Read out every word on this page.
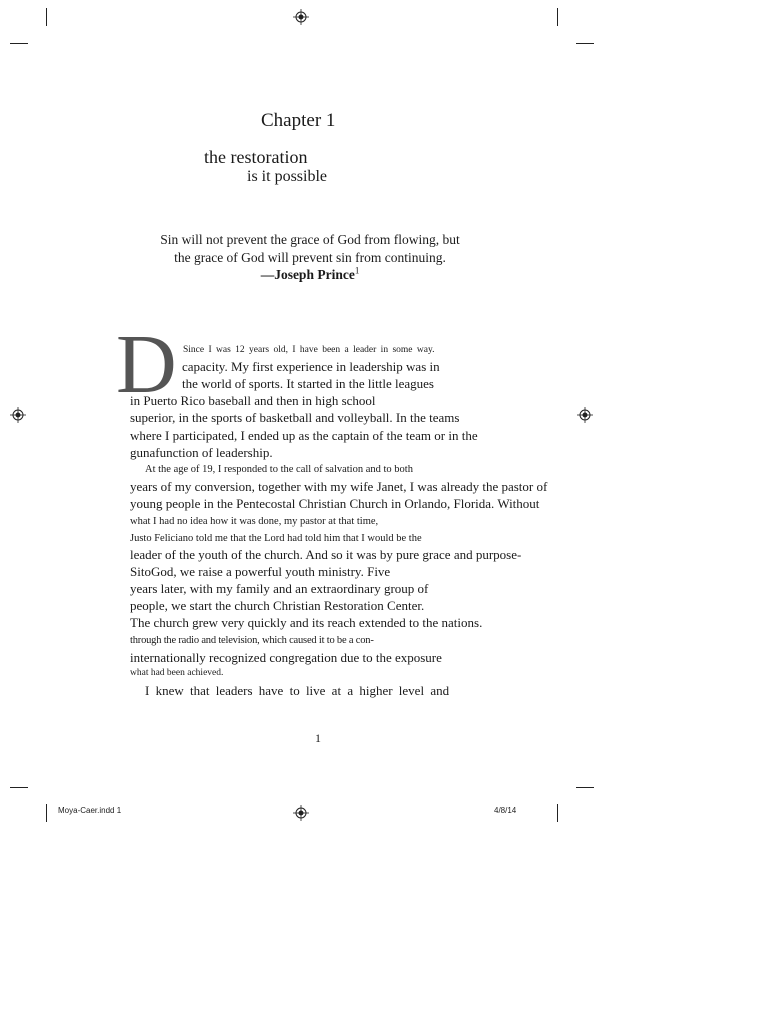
Chapter 1
the restoration
is it possible
Sin will not prevent the grace of God from flowing, but
the grace of God will prevent sin from continuing.
—Joseph Prince$^1$
D Since I was 12 years old, I have been a leader in some way.
capacity. My first experience in leadership was in
the world of sports. It started in the little leagues
in Puerto Rico baseball and then in high school
superior, in the sports of basketball and volleyball. In the teams
where I participated, I ended up as the captain of the team or in the
gunafunction of leadership.
At the age of 19, I responded to the call of salvation and to both
years of my conversion, together with my wife Janet, I was already the pastor of
young people in the Pentecostal Christian Church in Orlando, Florida. Without
what I had no idea how it was done, my pastor at that time,
Justo Feliciano told me that the Lord had told him that I would be the
leader of the youth of the church. And so it was by pure grace and purpose-
SitoGod, we raise a powerful youth ministry. Five
years later, with my family and an extraordinary group of
people, we start the church Christian Restoration Center.
The church grew very quickly and its reach extended to the nations.
through the radio and television, which caused it to be a con-
internationally recognized congregation due to the exposure
what had been achieved.
I knew that leaders have to live at a higher level and
1
Moya-Caer.indd 1	4/8/14
